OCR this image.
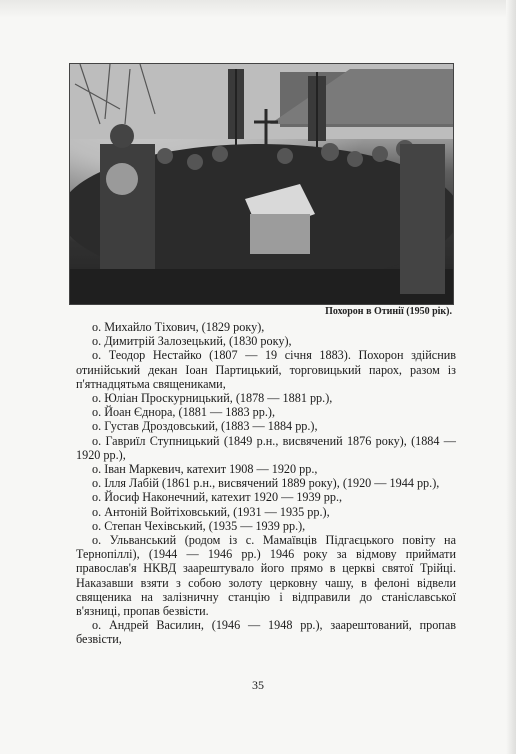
Похорон в Отинії (1950 рік).

о. Михайло Тіхович, (1829 року),

о. Димитрій Залозецький, (1830 року),

о. Теодор Нестайко (1807 — 19 січня 1883). Похорон здійснив отинійський декан Іоан Партицький, торговицький парох, разом із п'ятнадцятьма священиками,

о. Юліан Проскурницький, (1878 — 1881 рр.),

о. Йоан Єднора, (1881 — 1883 рр.),

о. Густав Дроздовський, (1883 — 1884 рр.),

о. Гавриїл Ступницький (1849 р.н., висвячений 1876 року), (1884 — 1920 рр.),

о. Іван Маркевич, катехит 1908 — 1920 рр.,

о. Ілля Лабій (1861 р.н., висвячений 1889 року), (1920 — 1944 рр.),

о. Йосиф Наконечний, катехит 1920 — 1939 рр.,

о. Антоній Войтіховський, (1931 — 1935 рр.),

о. Степан Чехівський, (1935 — 1939 рр.),

о. Ульванський (родом із с. Мамаївців Підгаєцького повіту на Тернопіллі), (1944 — 1946 рр.) 1946 року за відмову приймати православ'я НКВД заарештувало його прямо в церкві святої Трійці. Наказавши взяти з собою золоту церковну чашу, в фелоні відвели священика на залізничну станцію і відправили до станіславської в'язниці, пропав безвісти.

о. Андрей Василин, (1946 — 1948 рр.), заарештований, пропав безвісти,

35
